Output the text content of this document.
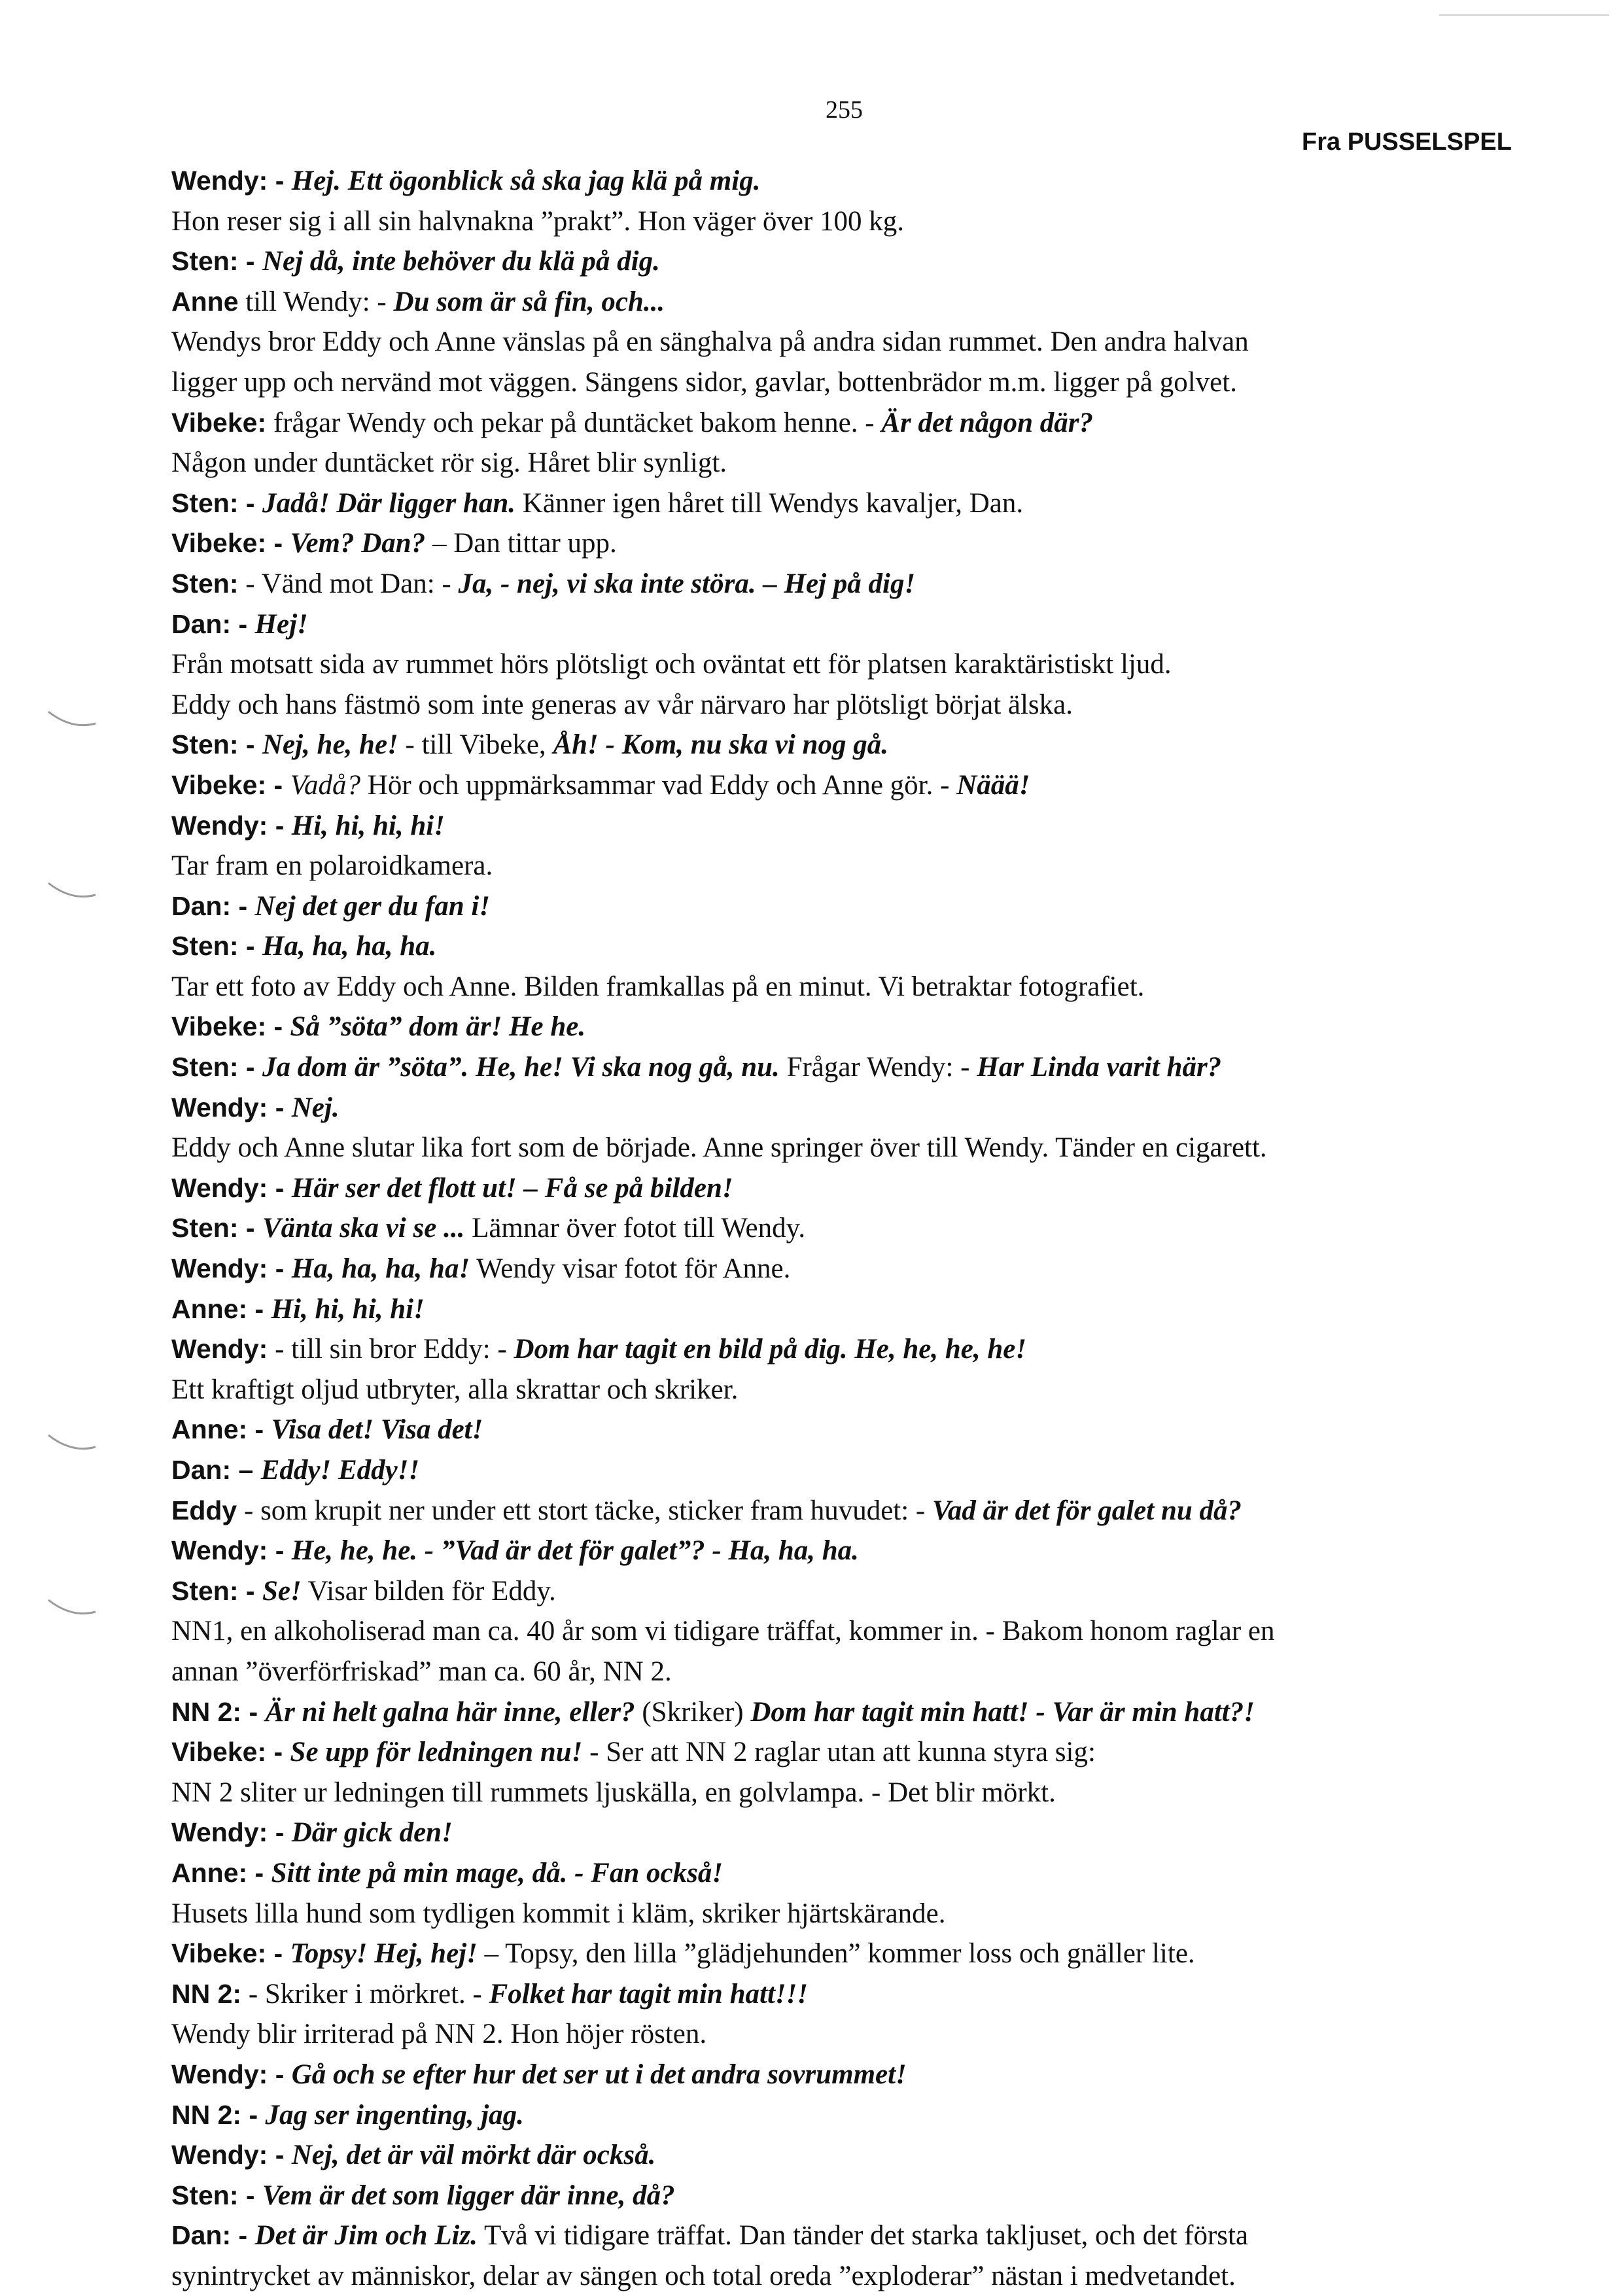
255
Fra PUSSELSPEL
Wendy: - Hej. Ett ögonblick så ska jag klä på mig.
Hon reser sig i all sin halvnakna ”prakt”. Hon väger över 100 kg.
Sten: - Nej då, inte behöver du klä på dig.
Anne till Wendy: - Du som är så fin, och...
Wendys bror Eddy och Anne vänslas på en sänghalva på andra sidan rummet. Den andra halvan
ligger upp och nervänd mot väggen. Sängens sidor, gavlar, bottenbrädor m.m. ligger på golvet.
Vibeke: frågar Wendy och pekar på duntäcket bakom henne. - Är det någon där?
Någon under duntäcket rör sig. Håret blir synligt.
Sten: - Jadå! Där ligger han. Känner igen håret till Wendys kavaljer, Dan.
Vibeke: - Vem? Dan? – Dan tittar upp.
Sten: - Vänd mot Dan: - Ja, - nej, vi ska inte störa. – Hej på dig!
Dan: - Hej!
Från motsatt sida av rummet hörs plötsligt och oväntat ett för platsen karaktäristiskt ljud.
Eddy och hans fästmö som inte generas av vår närvaro har plötsligt börjat älska.
Sten: - Nej, he, he! - till Vibeke, Åh! - Kom, nu ska vi nog gå.
Vibeke: - Vadå? Hör och uppmärksammar vad Eddy och Anne gör. - Näää!
Wendy: - Hi, hi, hi, hi!
Tar fram en polaroidkamera.
Dan: - Nej det ger du fan i!
Sten: - Ha, ha, ha, ha.
Tar ett foto av Eddy och Anne. Bilden framkallas på en minut. Vi betraktar fotografiet.
Vibeke: - Så ”söta” dom är! He he.
Sten: - Ja dom är ”söta”. He, he! Vi ska nog gå, nu. Frågar Wendy: - Har Linda varit här?
Wendy: - Nej.
Eddy och Anne slutar lika fort som de började. Anne springer över till Wendy. Tänder en cigarett.
Wendy: - Här ser det flott ut! – Få se på bilden!
Sten: - Vänta ska vi se ... Lämnar över fotot till Wendy.
Wendy: - Ha, ha, ha, ha! Wendy visar fotot för Anne.
Anne: - Hi, hi, hi, hi!
Wendy: - till sin bror Eddy: - Dom har tagit en bild på dig. He, he, he, he!
Ett kraftigt oljud utbryter, alla skrattar och skriker.
Anne: - Visa det! Visa det!
Dan: – Eddy! Eddy!!
Eddy - som krupit ner under ett stort täcke, sticker fram huvudet: - Vad är det för galet nu då?
Wendy: - He, he, he. - ”Vad är det för galet”? - Ha, ha, ha.
Sten: - Se! Visar bilden för Eddy.
NN1, en alkoholiserad man ca. 40 år som vi tidigare träffat, kommer in. - Bakom honom raglar en
annan ”överförfriskad” man ca. 60 år, NN 2.
NN 2: - Är ni helt galna här inne, eller? (Skriker) Dom har tagit min hatt! - Var är min hatt?!
Vibeke: - Se upp för ledningen nu! - Ser att NN 2 raglar utan att kunna styra sig:
NN 2 sliter ur ledningen till rummets ljuskälla, en golvlampa. - Det blir mörkt.
Wendy: - Där gick den!
Anne: - Sitt inte på min mage, då. - Fan också!
Husets lilla hund som tydligen kommit i kläm, skriker hjärtskärande.
Vibeke: - Topsy! Hej, hej! – Topsy, den lilla ”glädjehunden” kommer loss och gnäller lite.
NN 2: - Skriker i mörkret. - Folket har tagit min hatt!!!
Wendy blir irriterad på NN 2. Hon höjer rösten.
Wendy: - Gå och se efter hur det ser ut i det andra sovrummet!
NN 2: - Jag ser ingenting, jag.
Wendy: - Nej, det är väl mörkt där också.
Sten: - Vem är det som ligger där inne, då?
Dan: - Det är Jim och Liz. Två vi tidigare träffat. Dan tänder det starka takljuset, och det första
synintrycket av människor, delar av sängen och total oreda ”exploderar” nästan i medvetandet.
